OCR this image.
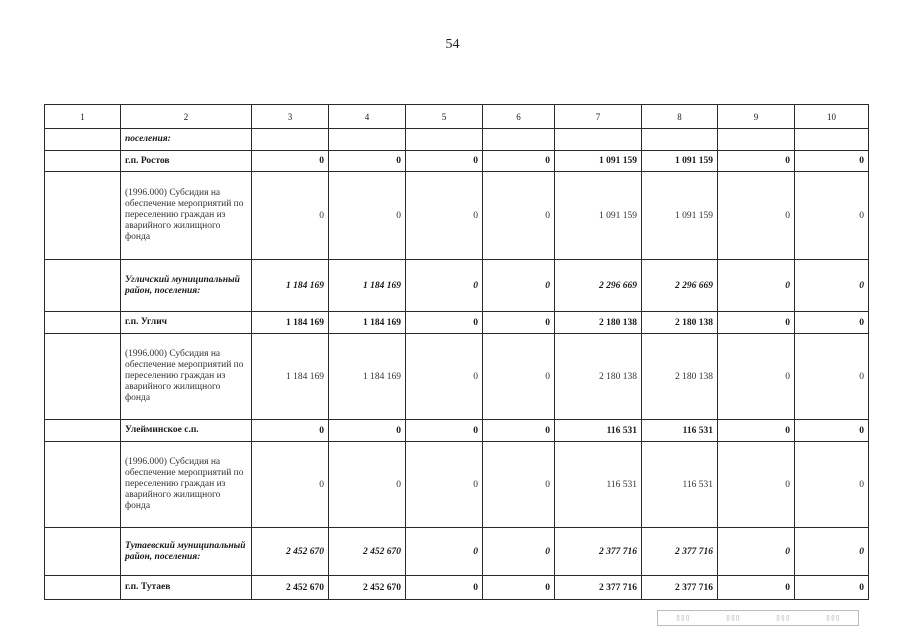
54
1	2	3	4	5	6	7	8	9	10
	поселения:								
	г.п. Ростов	0	0	0	0	1 091 159	1 091 159	0	0
	(1996.000) Субсидия на обеспечение мероприятий по переселению граждан из аварийного жилищного фонда	0	0	0	0	1 091 159	1 091 159	0	0
	Угличский муниципальный район, поселения:	1 184 169	1 184 169	0	0	2 296 669	2 296 669	0	0
	г.п. Углич	1 184 169	1 184 169	0	0	2 180 138	2 180 138	0	0
	(1996.000) Субсидия на обеспечение мероприятий по переселению граждан из аварийного жилищного фонда	1 184 169	1 184 169	0	0	2 180 138	2 180 138	0	0
	Улейминское с.п.	0	0	0	0	116 531	116 531	0	0
	(1996.000) Субсидия на обеспечение мероприятий по переселению граждан из аварийного жилищного фонда	0	0	0	0	116 531	116 531	0	0
	Тутаевский муниципальный район, поселения:	2 452 670	2 452 670	0	0	2 377 716	2 377 716	0	0
	г.п. Тутаев	2 452 670	2 452 670	0	0	2 377 716	2 377 716	0	0
▯▯▯	▯▯▯	▯▯▯	▯▯▯
